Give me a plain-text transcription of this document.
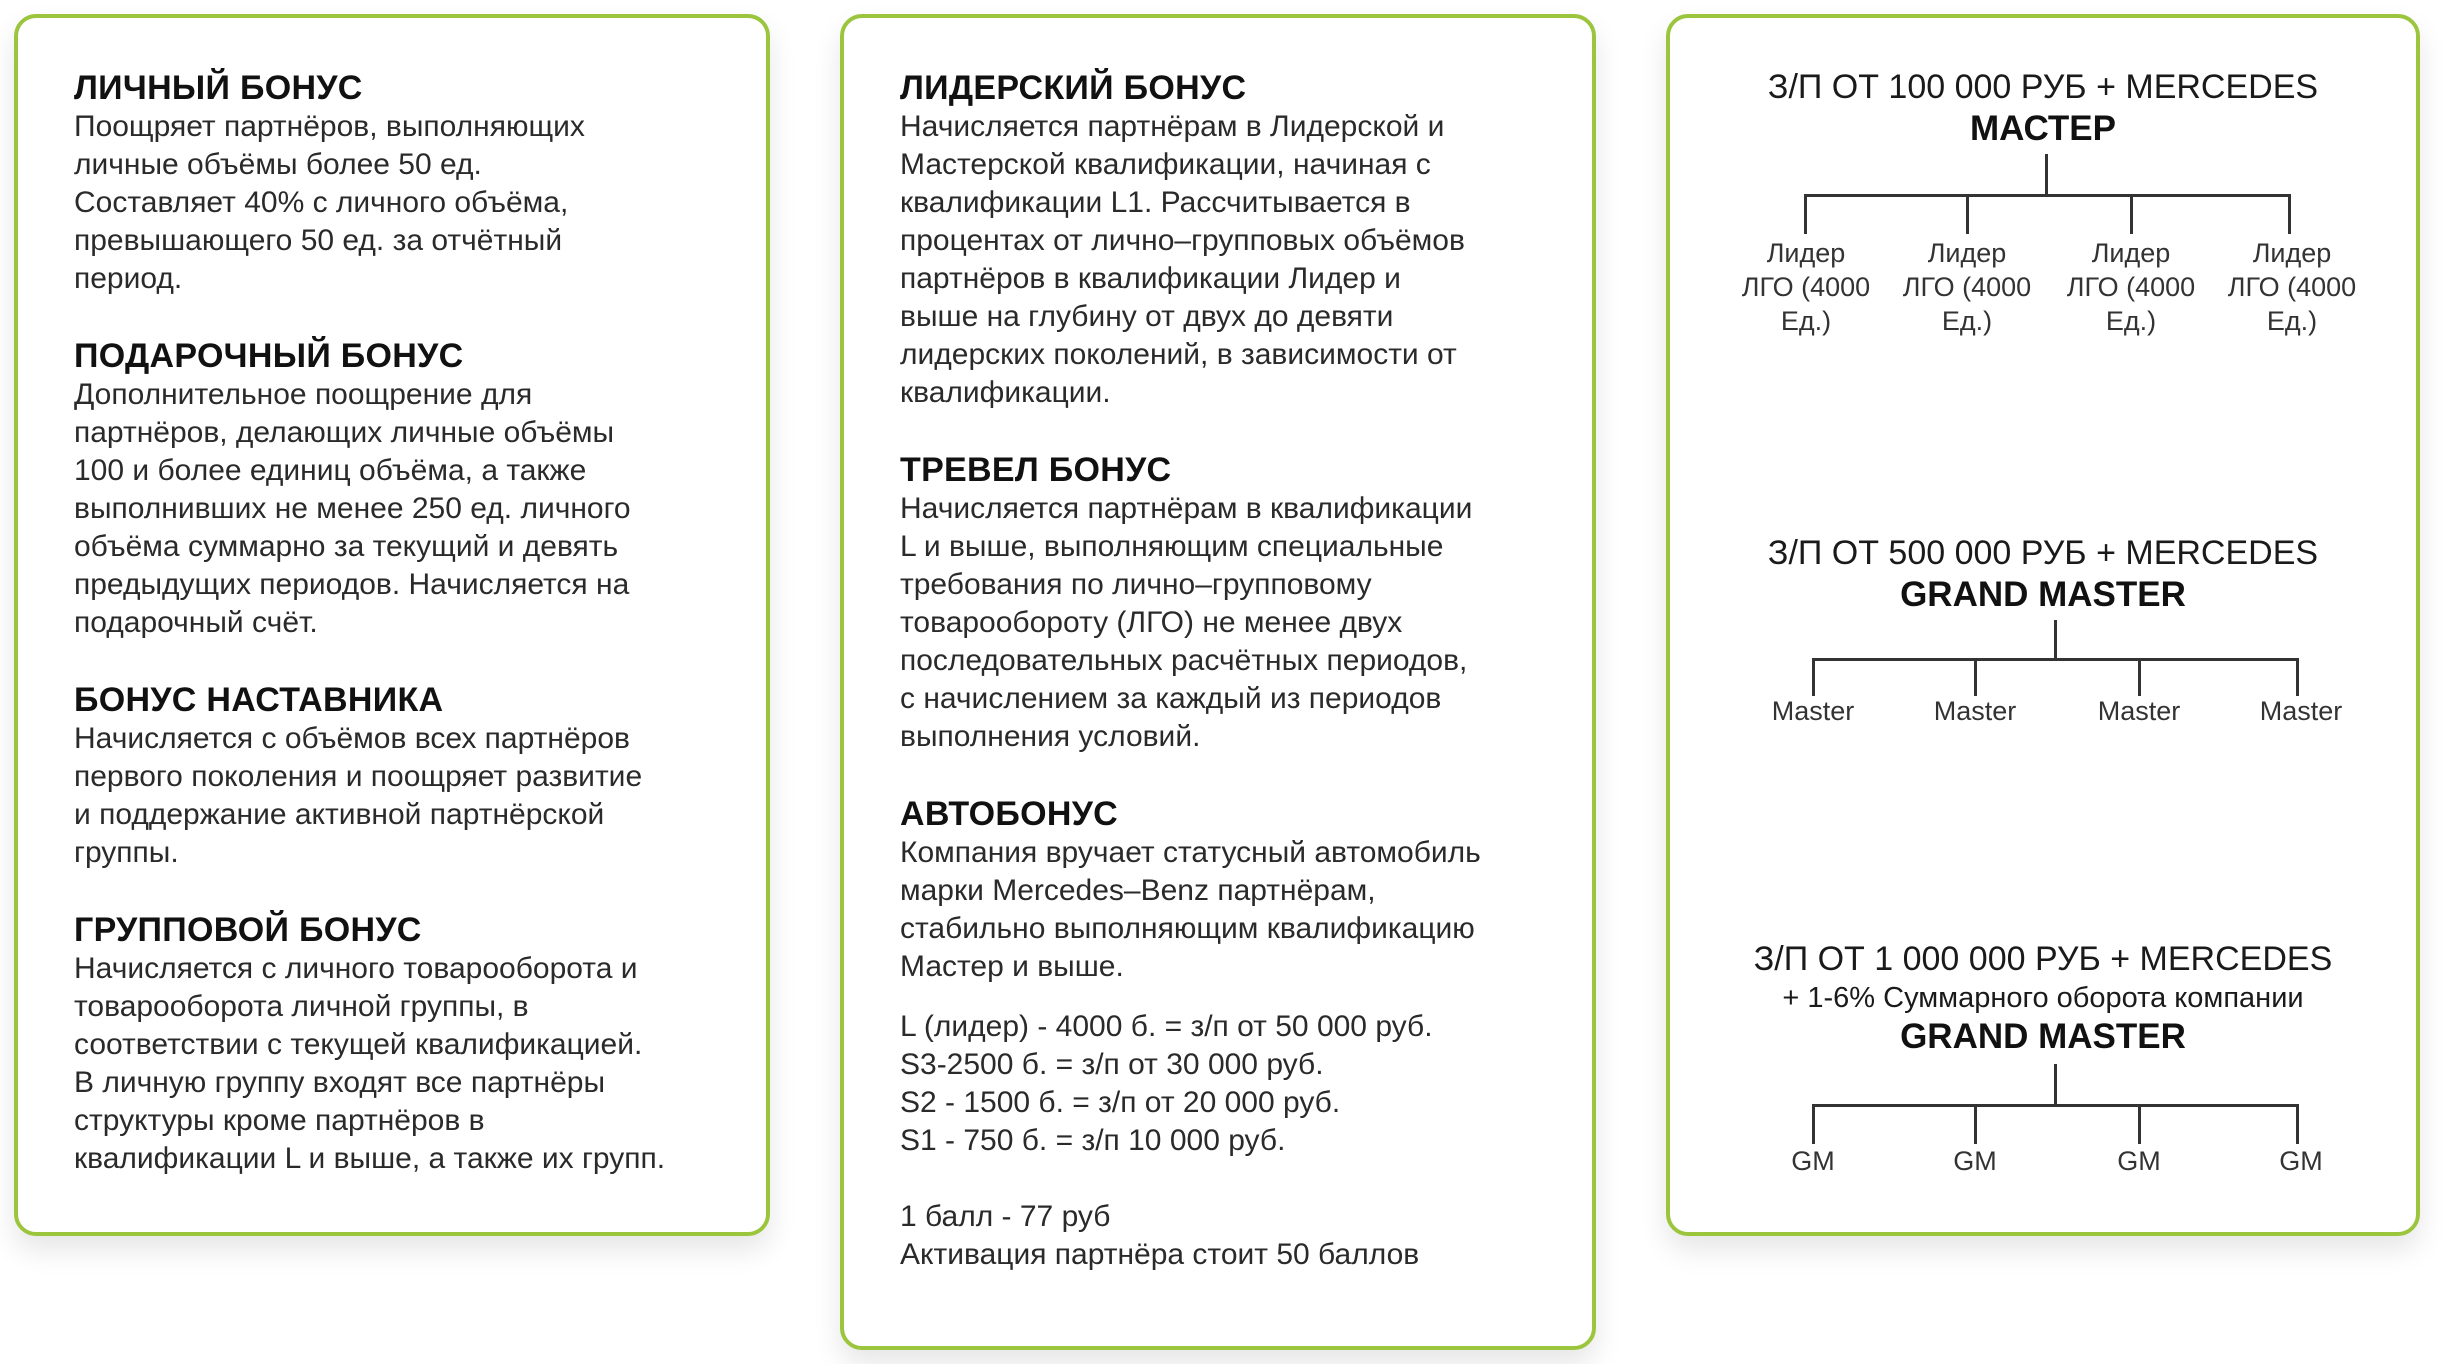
ЛИЧНЫЙ БОНУС

Поощряет партнёров, выполняющих
личные объёмы более 50 ед.
Составляет 40% с личного объёма,
превышающего 50 ед. за отчётный
период.

ПОДАРОЧНЫЙ БОНУС

Дополнительное поощрение для
партнёров, делающих личные объёмы
100 и более единиц объёма, а также
выполнивших не менее 250 ед. личного
объёма суммарно за текущий и девять
предыдущих периодов. Начисляется на
подарочный счёт.

БОНУС НАСТАВНИКА

Начисляется с объёмов всех партнёров
первого поколения и поощряет развитие
и поддержание активной партнёрской
группы.

ГРУППОВОЙ БОНУС

Начисляется с личного товарооборота и
товарооборота личной группы, в
соответствии с текущей квалификацией.
В личную группу входят все партнёры
структуры кроме партнёров в
квалификации L и выше, а также их групп.

ЛИДЕРСКИЙ БОНУС

Начисляется партнёрам в Лидерской и
Мастерской квалификации, начиная с
квалификации L1. Рассчитывается в
процентах от лично–групповых объёмов
партнёров в квалификации Лидер и
выше на глубину от двух до девяти
лидерских поколений, в зависимости от
квалификации.

ТРЕВЕЛ БОНУС

Начисляется партнёрам в квалификации
L и выше, выполняющим специальные
требования по лично–групповому
товарообороту (ЛГО) не менее двух
последовательных расчётных периодов,
с начислением за каждый из периодов
выполнения условий.

АВТОБОНУС

Компания вручает статусный автомобиль
марки Mercedes–Benz партнёрам,
стабильно выполняющим квалификацию
Мастер и выше.

L (лидер) - 4000 б. = з/п от 50 000 руб.
S3-2500 б. = з/п от 30 000 руб.
S2 - 1500 б. = з/п от 20 000 руб.
S1 - 750 б. = з/п 10 000 руб.
1 балл - 77 руб
Активация партнёра стоит 50 баллов
З/П ОТ 100 000 РУБ + MERCEDES
МАСТЕР
Лидер
ЛГО (4000
Ед.)
Лидер
ЛГО (4000
Ед.)
Лидер
ЛГО (4000
Ед.)
Лидер
ЛГО (4000
Ед.)
З/П ОТ 500 000 РУБ + MERCEDES
GRAND MASTER
Master	Master	Master	Master
З/П ОТ 1 000 000 РУБ + MERCEDES
+ 1-6% Суммарного оборота компании
GRAND MASTER
GM	GM	GM	GM
